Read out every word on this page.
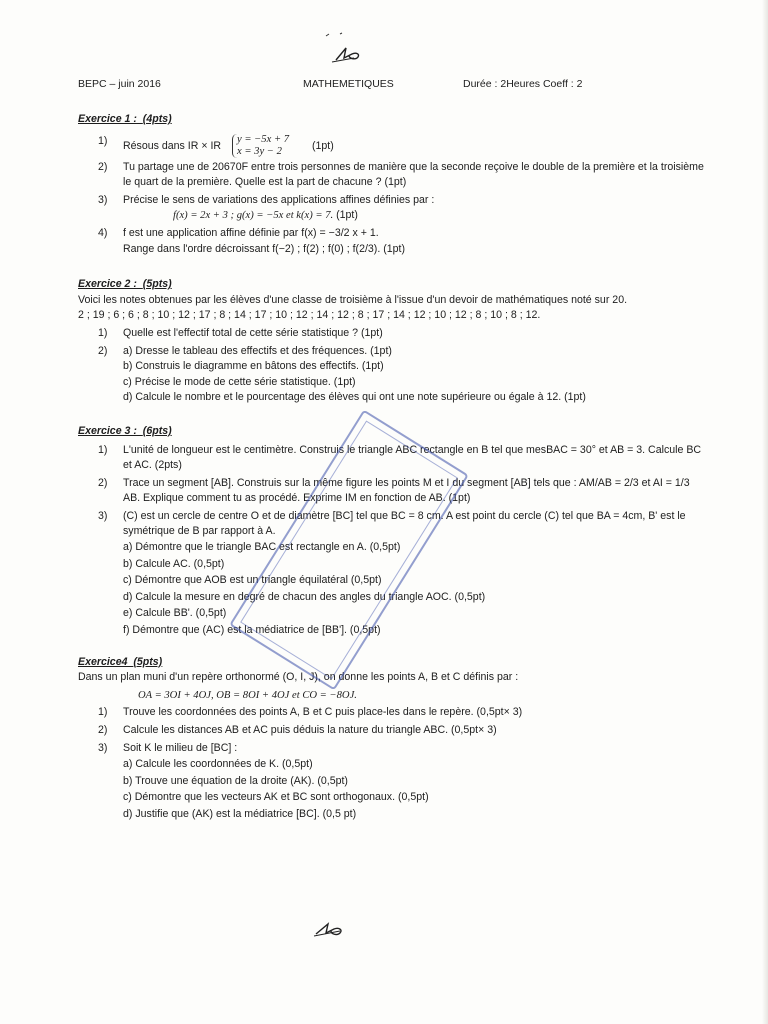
BEPC – juin 2016	MATHEMETIQUES	Durée : 2Heures Coeff : 2

Exercice 1 : (4pts)

1)	Résous dans IR × IR y = −5x + 7
x = 3y − 2	(1pt)
2)	Tu partage une de 20670F entre trois personnes de manière que la seconde reçoive le double de la première et la troisième le quart de la première. Quelle est la part de chacune ? (1pt)
3)	Précise le sens de variations des applications affines définies par :

f(x) = 2x + 3 ; g(x) = −5x et k(x) = 7. (1pt)

4)	f est une application affine définie par f(x) = −3/2 x + 1.
Range dans l'ordre décroissant f(−2) ; f(2) ; f(0) ; f(2/3). (1pt)

Exercice 2 : (5pts)

Voici les notes obtenues par les élèves d'une classe de troisième à l'issue d'un devoir de mathématiques noté sur 20.

2 ; 19 ; 6 ; 6 ; 8 ; 10 ; 12 ; 17 ; 8 ; 14 ; 17 ; 10 ; 12 ; 14 ; 12 ; 8 ; 17 ; 14 ; 12 ; 10 ; 12 ; 8 ; 10 ; 8 ; 12.

1)	Quelle est l'effectif total de cette série statistique ? (1pt)
2)	a) Dresse le tableau des effectifs et des fréquences. (1pt)
b) Construis le diagramme en bâtons des effectifs. (1pt)
c) Précise le mode de cette série statistique. (1pt)
d) Calcule le nombre et le pourcentage des élèves qui ont une note supérieure ou égale à 12. (1pt)

Exercice 3 : (6pts)

1)	L'unité de longueur est le centimètre. Construis le triangle ABC rectangle en B tel que mesBAC = 30° et AB = 3. Calcule BC et AC. (2pts)
2)	Trace un segment [AB]. Construis sur la même figure les points M et I du segment [AB] tels que : AM/AB = 2/3 et AI = 1/3 AB. Explique comment tu as procédé. Exprime IM en fonction de AB. (1pt)
3)	(C) est un cercle de centre O et de diamètre [BC] tel que BC = 8 cm. A est point du cercle (C) tel que BA = 4cm, B' est le symétrique de B par rapport à A.
a) Démontre que le triangle BAC est rectangle en A. (0,5pt)
b) Calcule AC. (0,5pt)
c) Démontre que AOB est un triangle équilatéral (0,5pt)
d) Calcule la mesure en degré de chacun des angles du triangle AOC. (0,5pt)
e) Calcule BB'. (0,5pt)
f) Démontre que (AC) est la médiatrice de [BB']. (0,5pt)

Exercice4 (5pts)

Dans un plan muni d'un repère orthonormé (O, I, J), on donne les points A, B et C définis par :

OA = 3OI + 4OJ, OB = 8OI + 4OJ et CO = −8OJ.

1)	Trouve les coordonnées des points A, B et C puis place-les dans le repère. (0,5pt× 3)
2)	Calcule les distances AB et AC puis déduis la nature du triangle ABC. (0,5pt× 3)
3)	Soit K le milieu de [BC] :
a) Calcule les coordonnées de K. (0,5pt)
b) Trouve une équation de la droite (AK). (0,5pt)
c) Démontre que les vecteurs AK et BC sont orthogonaux. (0,5pt)
d) Justifie que (AK) est la médiatrice [BC]. (0,5 pt)
